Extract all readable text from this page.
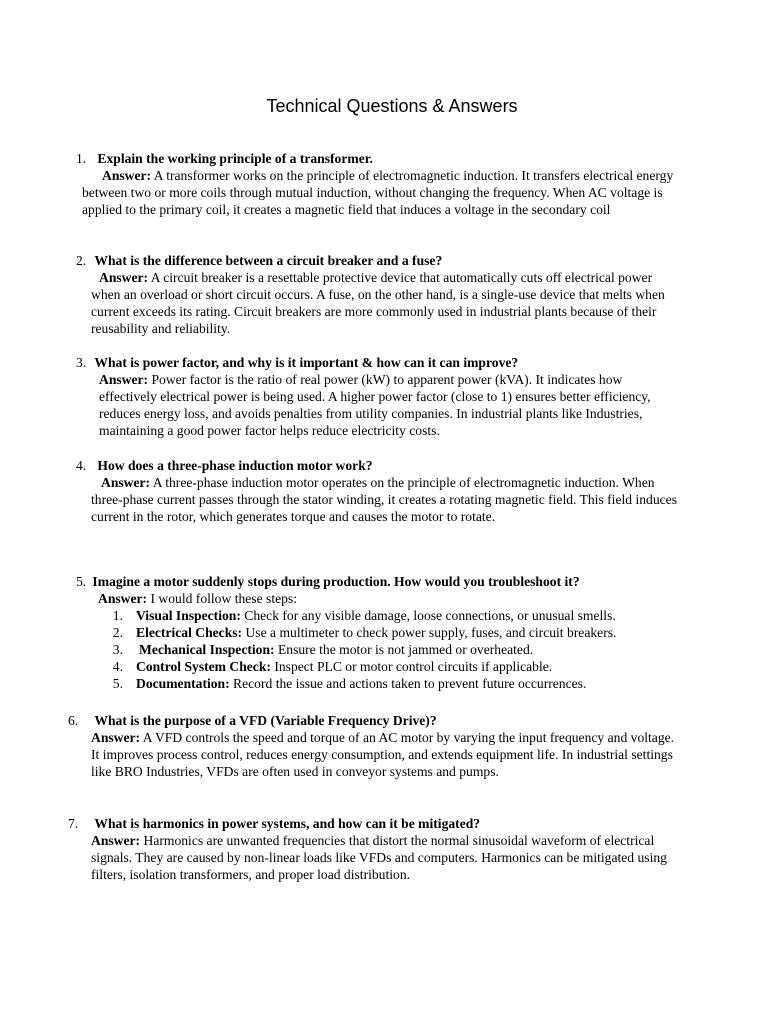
Technical Questions & Answers
1. Explain the working principle of a transformer.
Answer: A transformer works on the principle of electromagnetic induction. It transfers electrical energy between two or more coils through mutual induction, without changing the frequency. When AC voltage is applied to the primary coil, it creates a magnetic field that induces a voltage in the secondary coil
2. What is the difference between a circuit breaker and a fuse?
Answer: A circuit breaker is a resettable protective device that automatically cuts off electrical power when an overload or short circuit occurs. A fuse, on the other hand, is a single-use device that melts when current exceeds its rating. Circuit breakers are more commonly used in industrial plants because of their reusability and reliability.
3. What is power factor, and why is it important & how can it can improve?
Answer: Power factor is the ratio of real power (kW) to apparent power (kVA). It indicates how effectively electrical power is being used. A higher power factor (close to 1) ensures better efficiency, reduces energy loss, and avoids penalties from utility companies. In industrial plants like Industries, maintaining a good power factor helps reduce electricity costs.
4. How does a three-phase induction motor work?
Answer: A three-phase induction motor operates on the principle of electromagnetic induction. When three-phase current passes through the stator winding, it creates a rotating magnetic field. This field induces current in the rotor, which generates torque and causes the motor to rotate.
5. Imagine a motor suddenly stops during production. How would you troubleshoot it?
Answer: I would follow these steps:
1. Visual Inspection: Check for any visible damage, loose connections, or unusual smells.
2. Electrical Checks: Use a multimeter to check power supply, fuses, and circuit breakers.
3. Mechanical Inspection: Ensure the motor is not jammed or overheated.
4. Control System Check: Inspect PLC or motor control circuits if applicable.
5. Documentation: Record the issue and actions taken to prevent future occurrences.
6. What is the purpose of a VFD (Variable Frequency Drive)?
Answer: A VFD controls the speed and torque of an AC motor by varying the input frequency and voltage. It improves process control, reduces energy consumption, and extends equipment life. In industrial settings like BRO Industries, VFDs are often used in conveyor systems and pumps.
7. What is harmonics in power systems, and how can it be mitigated?
Answer: Harmonics are unwanted frequencies that distort the normal sinusoidal waveform of electrical signals. They are caused by non-linear loads like VFDs and computers. Harmonics can be mitigated using filters, isolation transformers, and proper load distribution.
